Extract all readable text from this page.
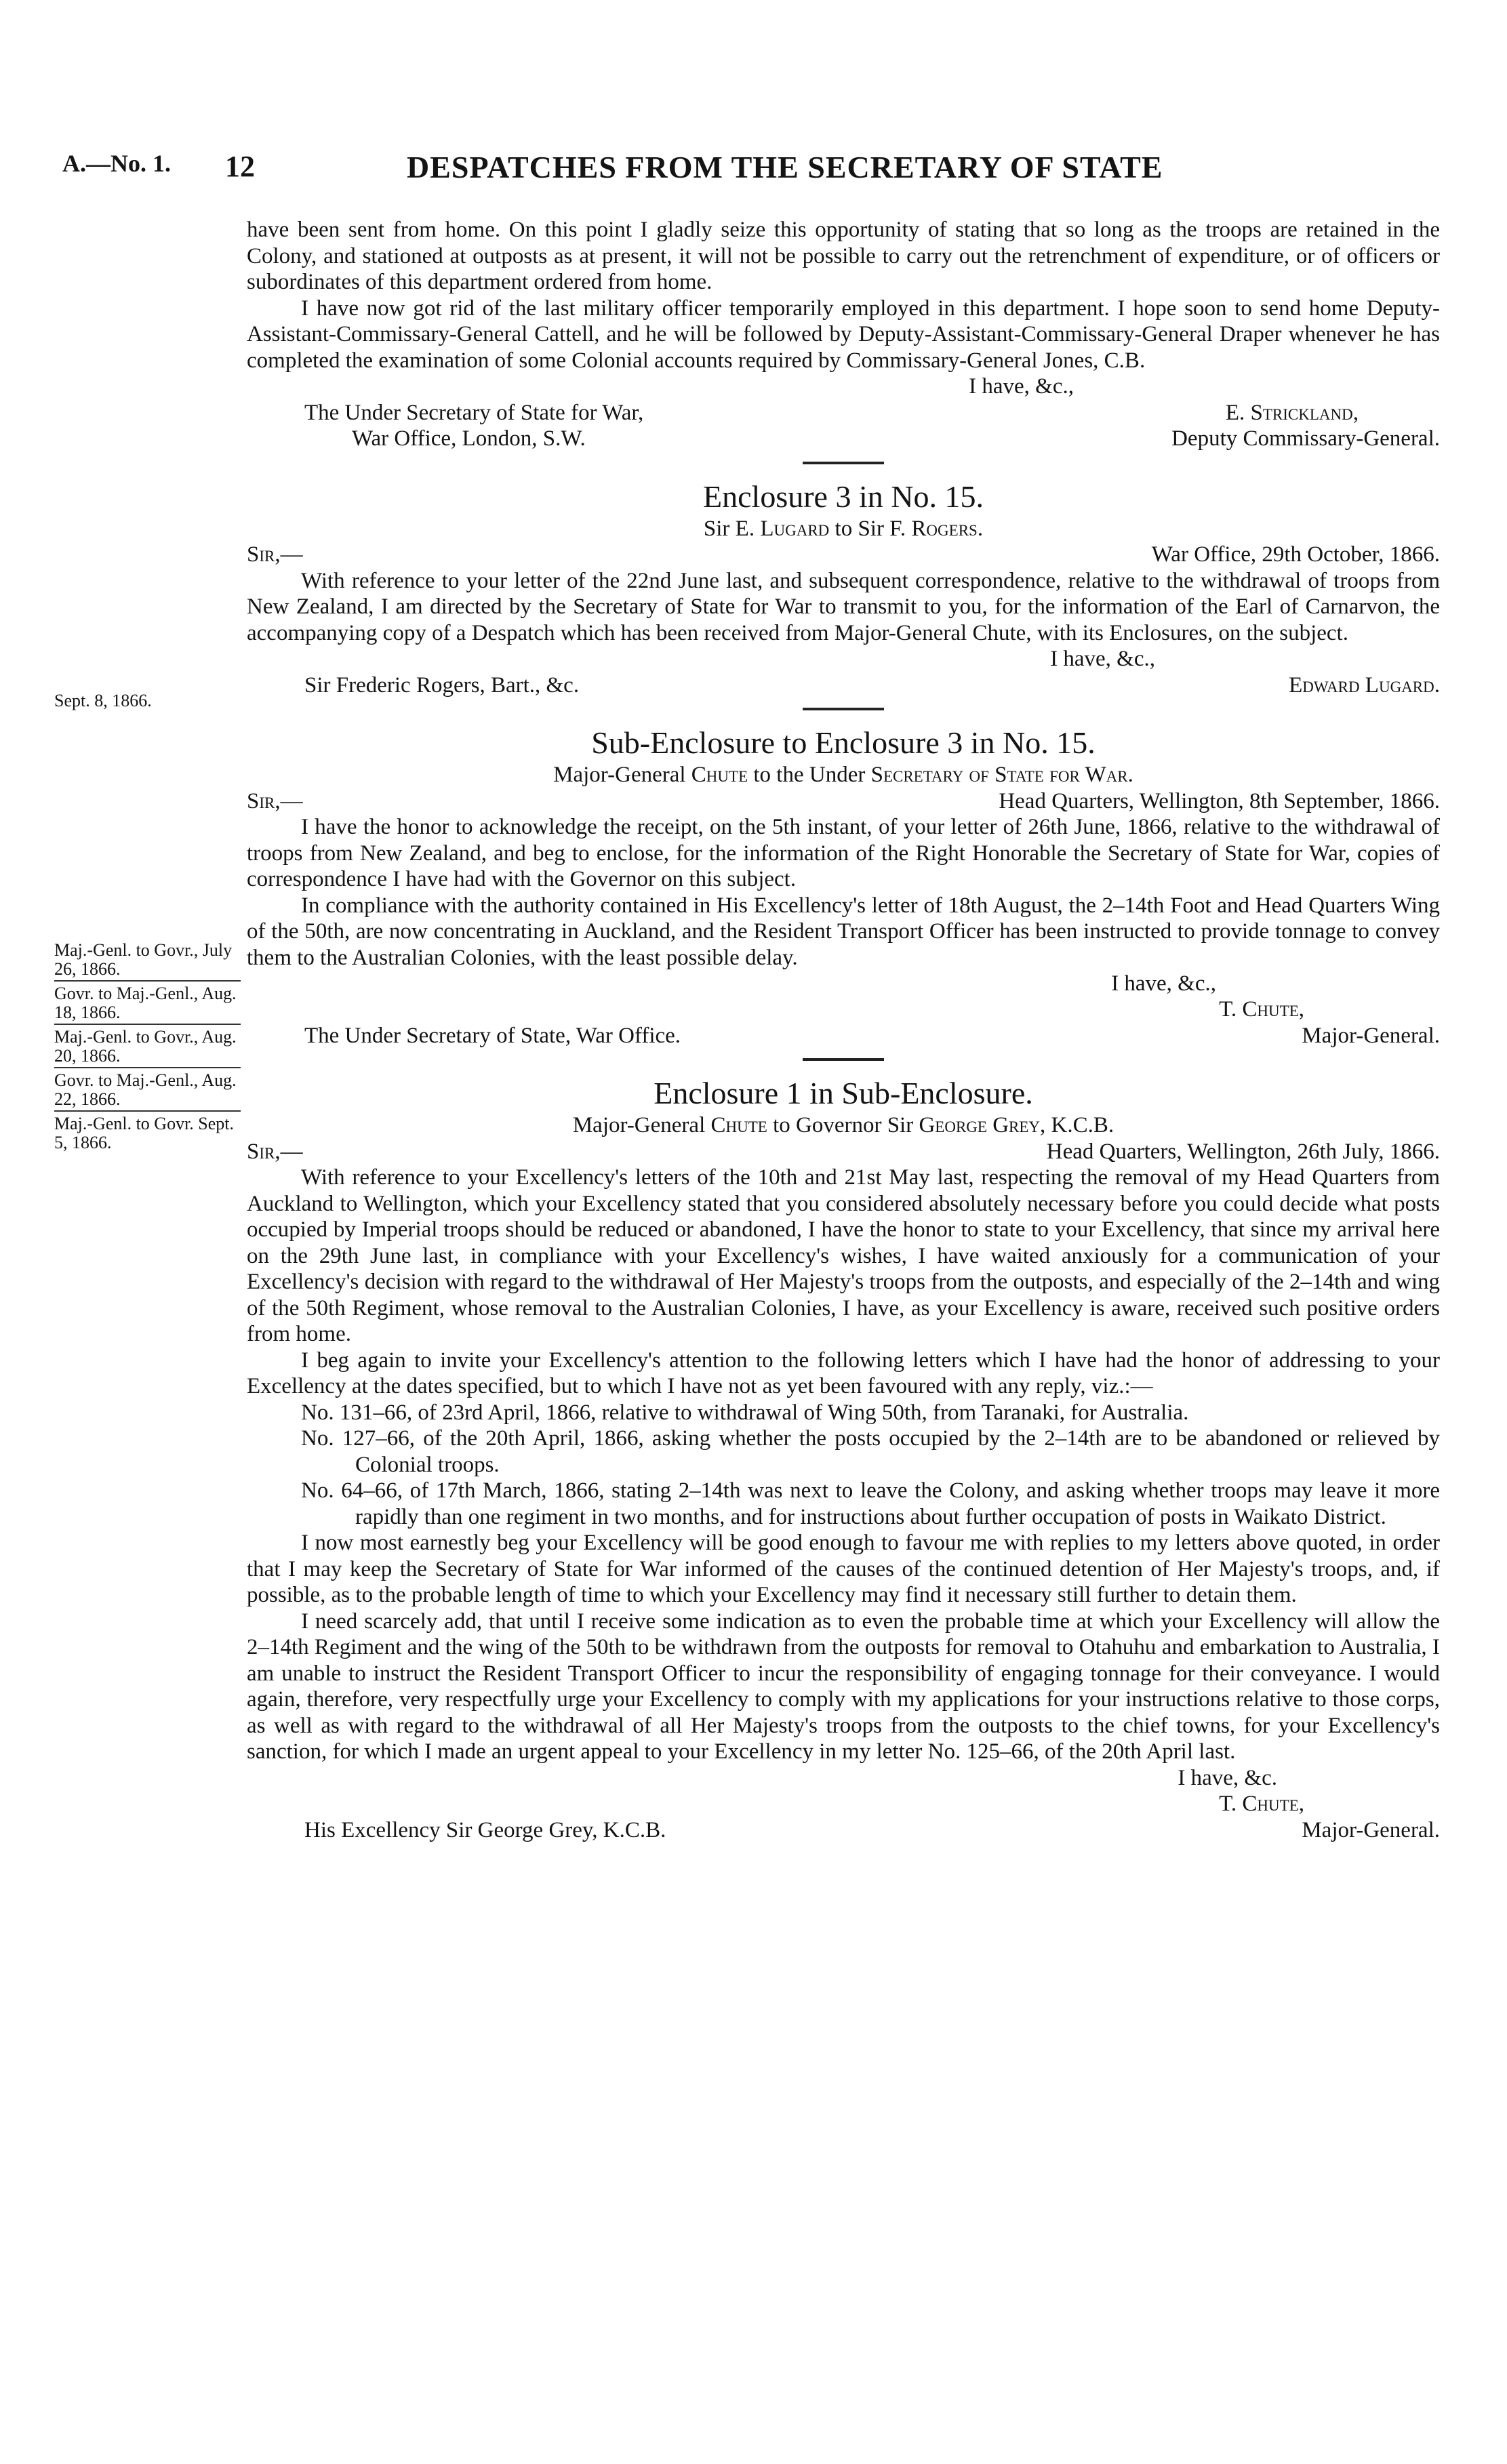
A.—No. 1. 12	DESPATCHES FROM THE SECRETARY OF STATE

Sept. 8, 1866.

Maj.-Genl. to Govr., July 26, 1866.

Govr. to Maj.-Genl., Aug. 18, 1866.

Maj.-Genl. to Govr., Aug. 20, 1866.

Govr. to Maj.-Genl., Aug. 22, 1866.

Maj.-Genl. to Govr. Sept. 5, 1866.

have been sent from home. On this point I gladly seize this opportunity of stating that so long as the troops are retained in the Colony, and stationed at outposts as at present, it will not be possible to carry out the retrenchment of expenditure, or of officers or subordinates of this department ordered from home.

I have now got rid of the last military officer temporarily employed in this department. I hope soon to send home Deputy-Assistant-Commissary-General Cattell, and he will be followed by Deputy-Assistant-Commissary-General Draper whenever he has completed the examination of some Colonial accounts required by Commissary-General Jones, C.B.

I have, &c.,

The Under Secretary of State for War,
War Office, London, S.W.
E. Strickland,
Deputy Commissary-General.

Enclosure 3 in No. 15.

Sir E. Lugard to Sir F. Rogers.

Sir,—	War Office, 29th October, 1866.

With reference to your letter of the 22nd June last, and subsequent correspondence, relative to the withdrawal of troops from New Zealand, I am directed by the Secretary of State for War to transmit to you, for the information of the Earl of Carnarvon, the accompanying copy of a Despatch which has been received from Major-General Chute, with its Enclosures, on the subject.

I have, &c.,

Sir Frederic Rogers, Bart., &c.	Edward Lugard.

Sub-Enclosure to Enclosure 3 in No. 15.

Major-General Chute to the Under Secretary of State for War.

Sir,—	Head Quarters, Wellington, 8th September, 1866.

I have the honor to acknowledge the receipt, on the 5th instant, of your letter of 26th June, 1866, relative to the withdrawal of troops from New Zealand, and beg to enclose, for the information of the Right Honorable the Secretary of State for War, copies of correspondence I have had with the Governor on this subject.

In compliance with the authority contained in His Excellency's letter of 18th August, the 2–14th Foot and Head Quarters Wing of the 50th, are now concentrating in Auckland, and the Resident Transport Officer has been instructed to provide tonnage to convey them to the Australian Colonies, with the least possible delay.

I have, &c.,
T. Chute,
The Under Secretary of State, War Office.	Major-General.

Enclosure 1 in Sub-Enclosure.

Major-General Chute to Governor Sir George Grey, K.C.B.

Sir,—	Head Quarters, Wellington, 26th July, 1866.

With reference to your Excellency's letters of the 10th and 21st May last, respecting the removal of my Head Quarters from Auckland to Wellington, which your Excellency stated that you considered absolutely necessary before you could decide what posts occupied by Imperial troops should be reduced or abandoned, I have the honor to state to your Excellency, that since my arrival here on the 29th June last, in compliance with your Excellency's wishes, I have waited anxiously for a communication of your Excellency's decision with regard to the withdrawal of Her Majesty's troops from the outposts, and especially of the 2–14th and wing of the 50th Regiment, whose removal to the Australian Colonies, I have, as your Excellency is aware, received such positive orders from home.

I beg again to invite your Excellency's attention to the following letters which I have had the honor of addressing to your Excellency at the dates specified, but to which I have not as yet been favoured with any reply, viz.:—

No. 131–66, of 23rd April, 1866, relative to withdrawal of Wing 50th, from Taranaki, for Australia.

No. 127–66, of the 20th April, 1866, asking whether the posts occupied by the 2–14th are to be abandoned or relieved by Colonial troops.

No. 64–66, of 17th March, 1866, stating 2–14th was next to leave the Colony, and asking whether troops may leave it more rapidly than one regiment in two months, and for instructions about further occupation of posts in Waikato District.

I now most earnestly beg your Excellency will be good enough to favour me with replies to my letters above quoted, in order that I may keep the Secretary of State for War informed of the causes of the continued detention of Her Majesty's troops, and, if possible, as to the probable length of time to which your Excellency may find it necessary still further to detain them.

I need scarcely add, that until I receive some indication as to even the probable time at which your Excellency will allow the 2–14th Regiment and the wing of the 50th to be withdrawn from the outposts for removal to Otahuhu and embarkation to Australia, I am unable to instruct the Resident Transport Officer to incur the responsibility of engaging tonnage for their conveyance. I would again, therefore, very respectfully urge your Excellency to comply with my applications for your instructions relative to those corps, as well as with regard to the withdrawal of all Her Majesty's troops from the outposts to the chief towns, for your Excellency's sanction, for which I made an urgent appeal to your Excellency in my letter No. 125–66, of the 20th April last.

I have, &c.
T. Chute,
His Excellency Sir George Grey, K.C.B.	Major-General.
